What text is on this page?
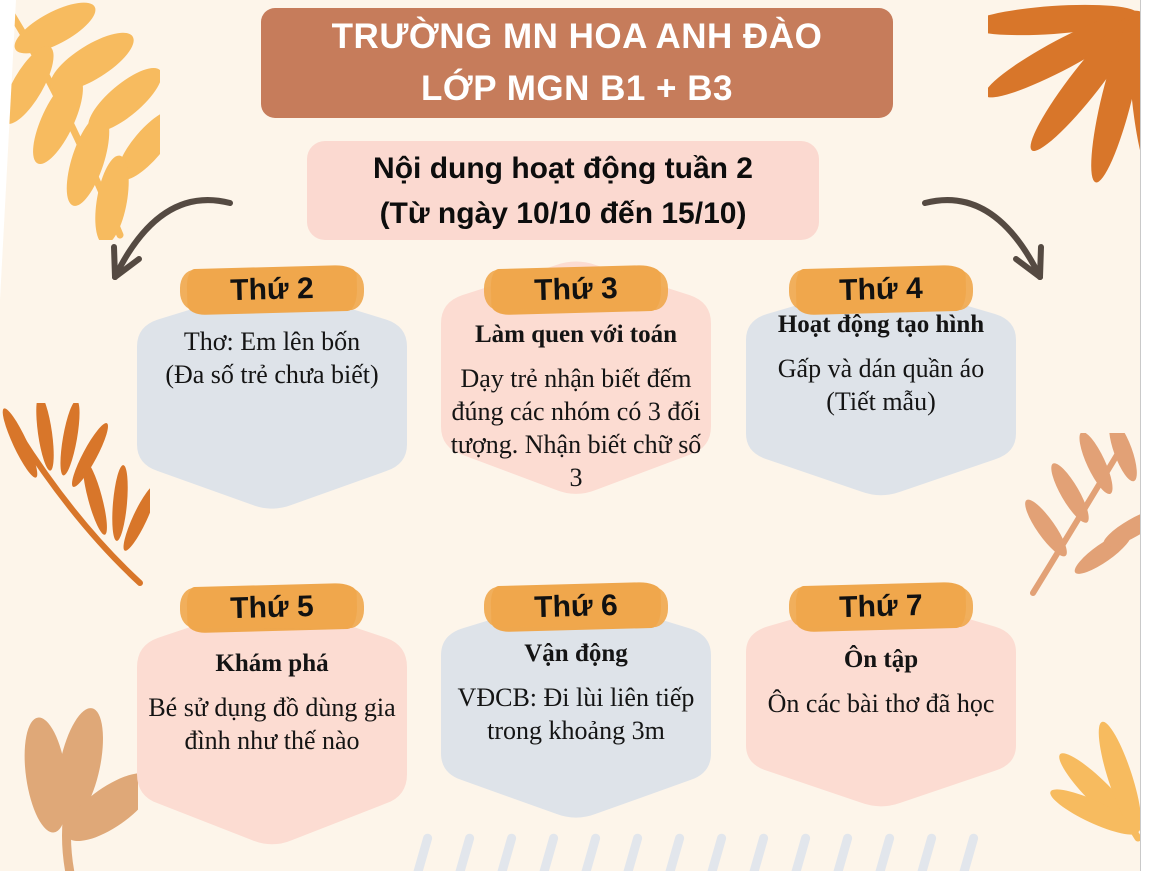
TRƯỜNG MN HOA ANH ĐÀO
LỚP MGN B1 + B3
Nội dung hoạt động tuần 2
(Từ ngày 10/10 đến 15/10)
Thứ 2

Thơ: Em lên bốn

(Đa số trẻ chưa biết)

Thứ 3

Làm quen với toán

Dạy trẻ nhận biết đếm đúng các nhóm có 3 đối tượng. Nhận biết chữ số 3

Thứ 4

Hoạt động tạo hình

Gấp và dán quần áo

(Tiết mẫu)

Thứ 5

Khám phá

Bé sử dụng đồ dùng gia đình như thế nào

Thứ 6

Vận động

VĐCB: Đi lùi liên tiếp trong khoảng 3m

Thứ 7

Ôn tập

Ôn các bài thơ đã học
